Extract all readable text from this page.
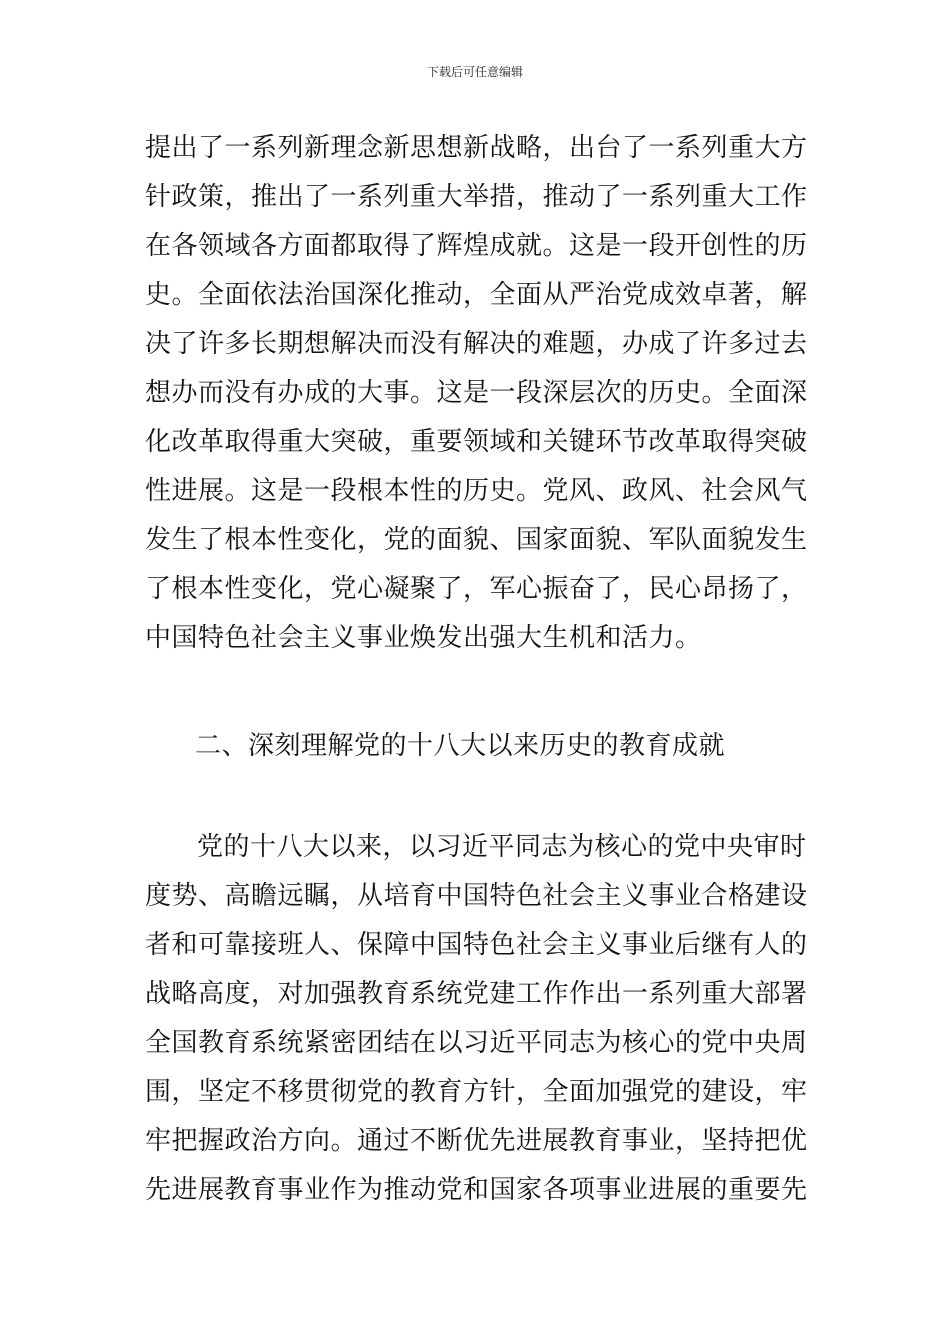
下载后可任意编辑
提出了一系列新理念新思想新战略，出台了一系列重大方
针政策，推出了一系列重大举措，推动了一系列重大工作
在各领域各方面都取得了辉煌成就。这是一段开创性的历
史。全面依法治国深化推动，全面从严治党成效卓著，解
决了许多长期想解决而没有解决的难题，办成了许多过去
想办而没有办成的大事。这是一段深层次的历史。全面深
化改革取得重大突破，重要领域和关键环节改革取得突破
性进展。这是一段根本性的历史。党风、政风、社会风气
发生了根本性变化，党的面貌、国家面貌、军队面貌发生
了根本性变化，党心凝聚了，军心振奋了，民心昂扬了，
中国特色社会主义事业焕发出强大生机和活力。
二、深刻理解党的十八大以来历史的教育成就
党的十八大以来，以习近平同志为核心的党中央审时
度势、高瞻远瞩，从培育中国特色社会主义事业合格建设
者和可靠接班人、保障中国特色社会主义事业后继有人的
战略高度，对加强教育系统党建工作作出一系列重大部署
全国教育系统紧密团结在以习近平同志为核心的党中央周
围，坚定不移贯彻党的教育方针，全面加强党的建设，牢
牢把握政治方向。通过不断优先进展教育事业，坚持把优
先进展教育事业作为推动党和国家各项事业进展的重要先
